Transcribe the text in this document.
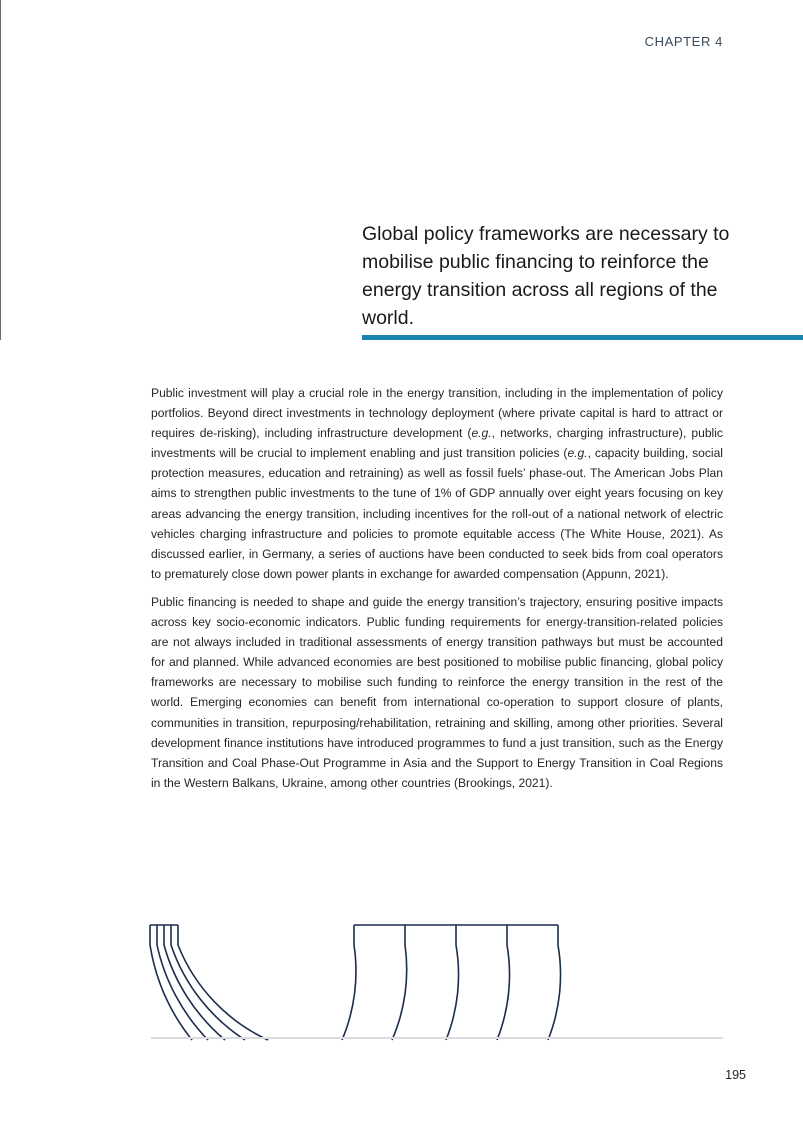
CHAPTER 4
Global policy frameworks are necessary to mobilise public financing to reinforce the energy transition across all regions of the world.

Public investment will play a crucial role in the energy transition, including in the implementation of policy portfolios. Beyond direct investments in technology deployment (where private capital is hard to attract or requires de-risking), including infrastructure development (e.g., networks, charging infrastructure), public investments will be crucial to implement enabling and just transition policies (e.g., capacity building, social protection measures, education and retraining) as well as fossil fuels’ phase-out. The American Jobs Plan aims to strengthen public investments to the tune of 1% of GDP annually over eight years focusing on key areas advancing the energy transition, including incentives for the roll-out of a national network of electric vehicles charging infrastructure and policies to promote equitable access (The White House, 2021). As discussed earlier, in Germany, a series of auctions have been conducted to seek bids from coal operators to prematurely close down power plants in exchange for awarded compensation (Appunn, 2021).

Public financing is needed to shape and guide the energy transition’s trajectory, ensuring positive impacts across key socio-economic indicators. Public funding requirements for energy-transition-related policies are not always included in traditional assessments of energy transition pathways but must be accounted for and planned. While advanced economies are best positioned to mobilise public financing, global policy frameworks are necessary to mobilise such funding to reinforce the energy transition in the rest of the world. Emerging economies can benefit from international co-operation to support closure of plants, communities in transition, repurposing/rehabilitation, retraining and skilling, among other priorities. Several development finance institutions have introduced programmes to fund a just transition, such as the Energy Transition and Coal Phase-Out Programme in Asia and the Support to Energy Transition in Coal Regions in the Western Balkans, Ukraine, among other countries (Brookings, 2021).

195
